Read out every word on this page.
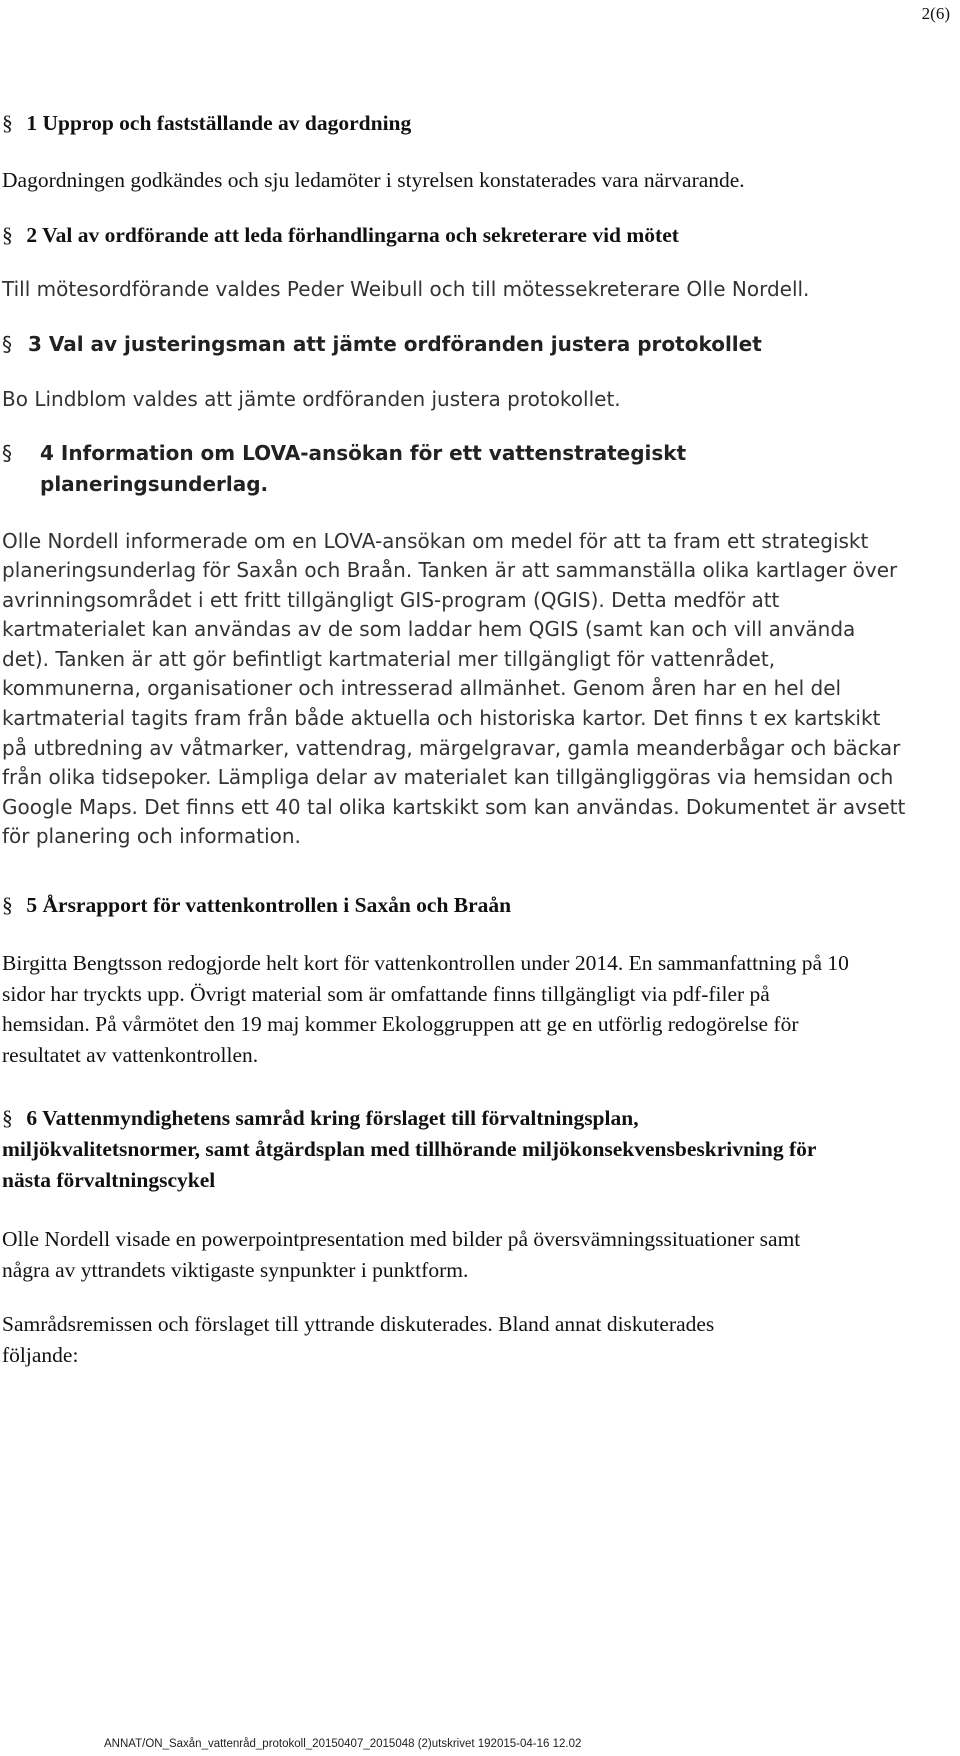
2(6)
§ 1 Upprop och fastställande av dagordning

Dagordningen godkändes och sju ledamöter i styrelsen konstaterades vara närvarande.

§ 2 Val av ordförande att leda förhandlingarna och sekreterare vid mötet

Till mötesordförande valdes Peder Weibull och till mötessekreterare Olle Nordell.

§ 3 Val av justeringsman att jämte ordföranden justera protokollet

Bo Lindblom valdes att jämte ordföranden justera protokollet.

§ 4 Information om LOVA-ansökan för ett vattenstrategiskt planeringsunderlag.

Olle Nordell informerade om en LOVA-ansökan om medel för att ta fram ett strategiskt planeringsunderlag för Saxån och Braån. Tanken är att sammanställa olika kartlager över avrinningsområdet i ett fritt tillgängligt GIS-program (QGIS). Detta medför att kartmaterialet kan användas av de som laddar hem QGIS (samt kan och vill använda det). Tanken är att gör befintligt kartmaterial mer tillgängligt för vattenrådet, kommunerna, organisationer och intresserad allmänhet. Genom åren har en hel del kartmaterial tagits fram från både aktuella och historiska kartor. Det finns t ex kartskikt på utbredning av våtmarker, vattendrag, märgelgravar, gamla meanderbågar och bäckar från olika tidsepoker. Lämpliga delar av materialet kan tillgängliggöras via hemsidan och Google Maps. Det finns ett 40 tal olika kartskikt som kan användas. Dokumentet är avsett för planering och information.

§ 5 Årsrapport för vattenkontrollen i Saxån och Braån

Birgitta Bengtsson redogjorde helt kort för vattenkontrollen under 2014. En sammanfattning på 10 sidor har tryckts upp. Övrigt material som är omfattande finns tillgängligt via pdf-filer på hemsidan. På vårmötet den 19 maj kommer Ekologgruppen att ge en utförlig redogörelse för resultatet av vattenkontrollen.

§ 6 Vattenmyndighetens samråd kring förslaget till förvaltningsplan, miljökvalitetsnormer, samt åtgärdsplan med tillhörande miljökonsekvensbeskrivning för nästa förvaltningscykel

Olle Nordell visade en powerpointpresentation med bilder på översvämningssituationer samt några av yttrandets viktigaste synpunkter i punktform.

Samrådsremissen och förslaget till yttrande diskuterades. Bland annat diskuterades följande:

ANNAT/ON_Saxån_vattenråd_protokoll_20150407_2015048 (2)utskrivet 192015-04-16 12.02
